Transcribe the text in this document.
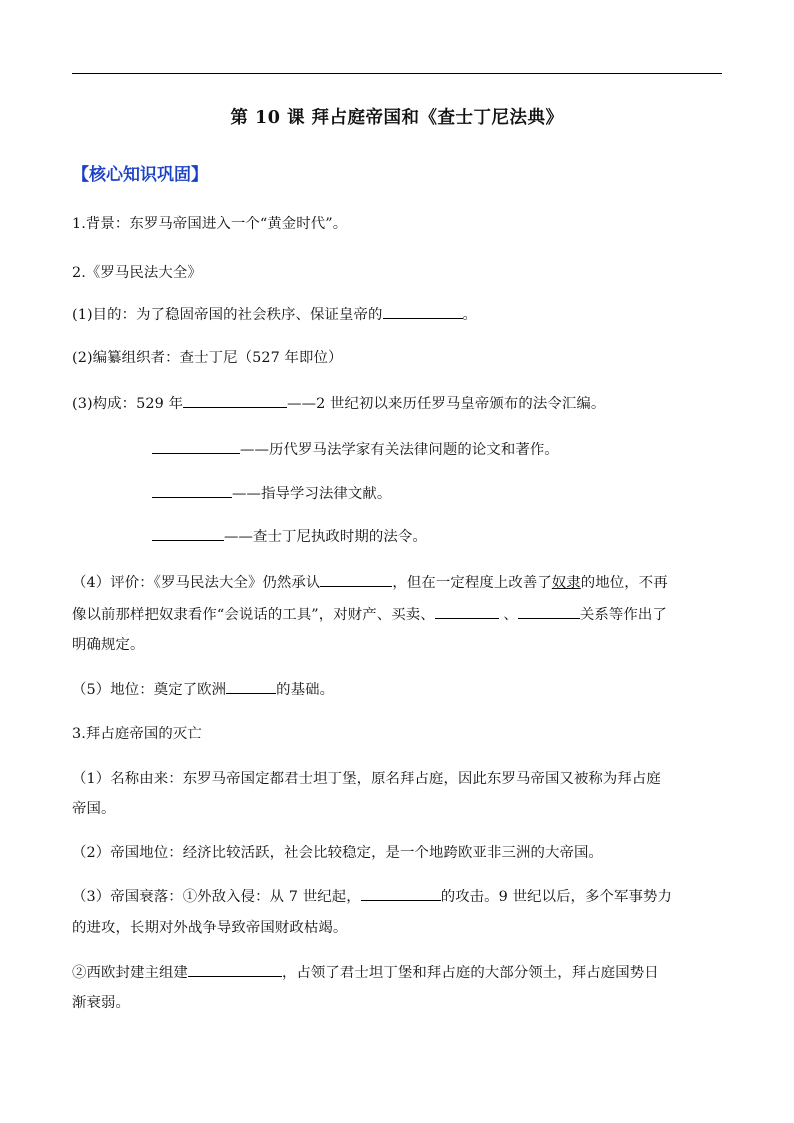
第 10 课 拜占庭帝国和《查士丁尼法典》
【核心知识巩固】
1.背景：东罗马帝国进入一个“黄金时代”。
2.《罗马民法大全》
(1)目的：为了稳固帝国的社会秩序、保证皇帝的	。
(2)编纂组织者：查士丁尼（527 年即位）
(3)构成：529 年	——2 世纪初以来历任罗马皇帝颁布的法令汇编。
——历代罗马法学家有关法律问题的论文和著作。
——指导学习法律文献。
——查士丁尼执政时期的法令。
（4）评价：《罗马民法大全》仍然承认	，但在一定程度上改善了奴隶的地位，不再
像以前那样把奴隶看作“会说话的工具”，对财产、买卖、	、	关系等作出了
明确规定。
（5）地位：奠定了欧洲	的基础。
3.拜占庭帝国的灭亡
（1）名称由来：东罗马帝国定都君士坦丁堡，原名拜占庭，因此东罗马帝国又被称为拜占庭
帝国。
（2）帝国地位：经济比较活跃，社会比较稳定，是一个地跨欧亚非三洲的大帝国。
（3）帝国衰落：①外敌入侵：从 7 世纪起，	的攻击。9 世纪以后，多个军事势力
的进攻，长期对外战争导致帝国财政枯竭。
②西欧封建主组建	，占领了君士坦丁堡和拜占庭的大部分领土，拜占庭国势日
渐衰弱。
